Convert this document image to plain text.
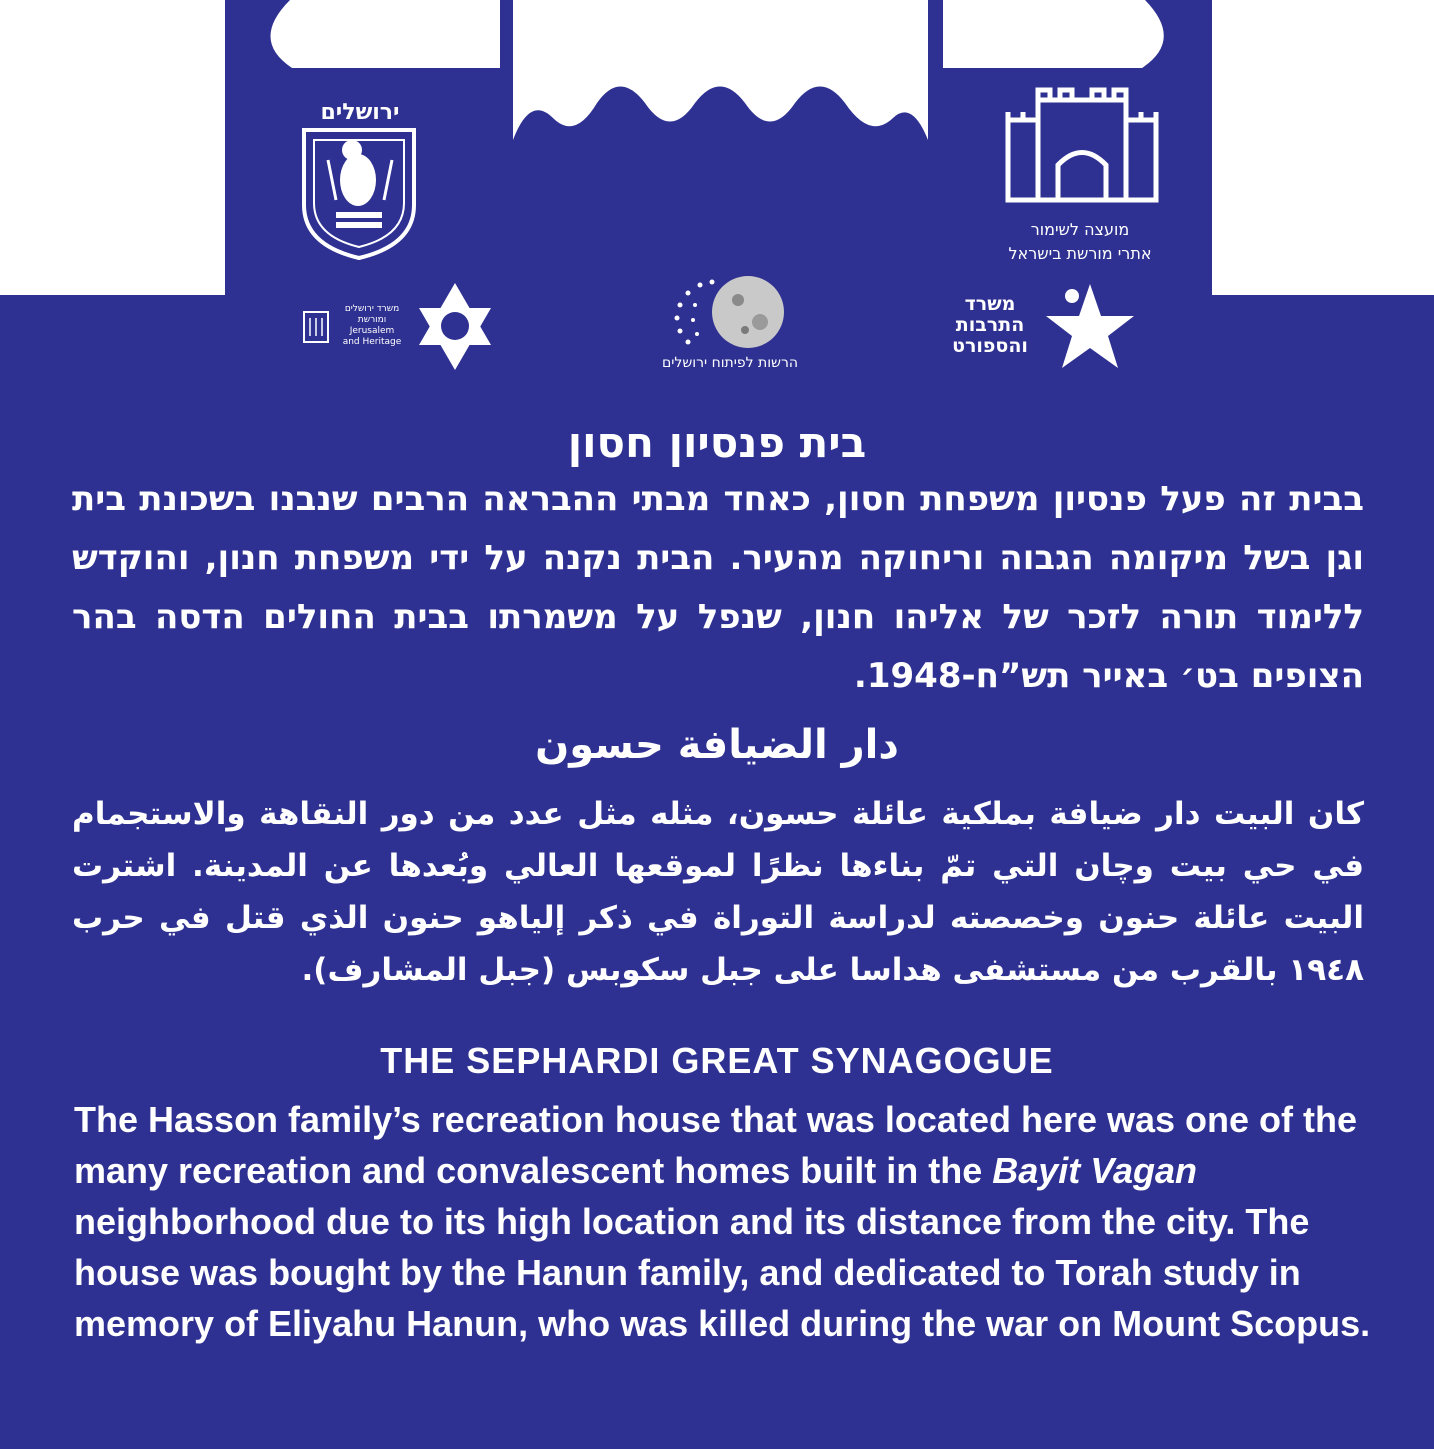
ירושלים
מועצה לשימור
אתרי מורשת בישראל
משרד ירושלים
ומורשת
Jerusalem
and Heritage
הרשות לפיתוח ירושלים
משרד
התרבות
והספורט
בית פנסיון חסון
בבית זה פעל פנסיון משפחת חסון, כאחד מבתי ההבראה הרבים שנבנו בשכונת בית וגן בשל מיקומה הגבוה וריחוקה מהעיר. הבית נקנה על ידי משפחת חנון, והוקדש ללימוד תורה לזכר של אליהו חנון, שנפל על משמרתו בבית החולים הדסה בהר הצופים בט׳ באייר תש”ח-1948.
دار الضيافة حسون
كان البيت دار ضيافة بملكية عائلة حسون، مثله مثل عدد من دور النقاهة والاستجمام في حي بيت وچان التي تمّ بناءها نظرًا لموقعها العالي وبُعدها عن المدينة. اشترت البيت عائلة حنون وخصصته لدراسة التوراة في ذكر إلياهو حنون الذي قتل في حرب ١٩٤٨ بالقرب من مستشفى هداسا على جبل سكوبس (جبل المشارف).
THE SEPHARDI GREAT SYNAGOGUE
The Hasson family’s recreation house that was located here was one of the many recreation and convalescent homes built in the Bayit Vagan neighborhood due to its high location and its distance from the city. The house was bought by the Hanun family, and dedicated to Torah study in memory of Eliyahu Hanun, who was killed during the war on Mount Scopus.
